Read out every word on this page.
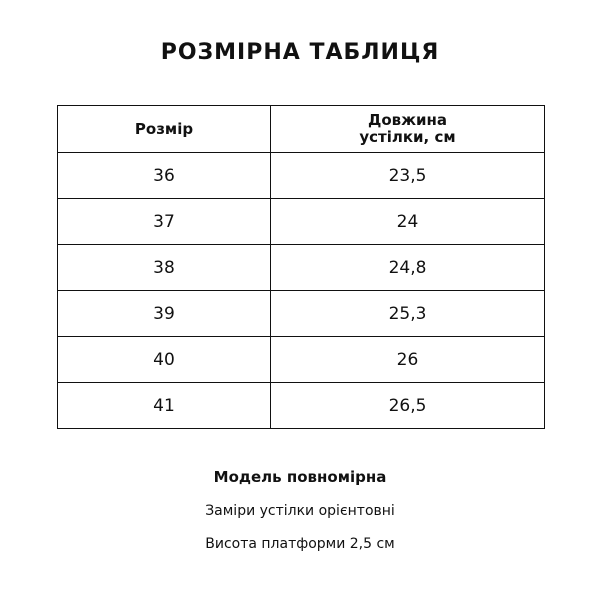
РОЗМІРНА ТАБЛИЦЯ
Розмір	Довжина
устілки, см

36	23,5
37	24
38	24,8
39	25,3
40	26
41	26,5

Модель повномірна

Заміри устілки орієнтовні

Висота платформи 2,5 см
